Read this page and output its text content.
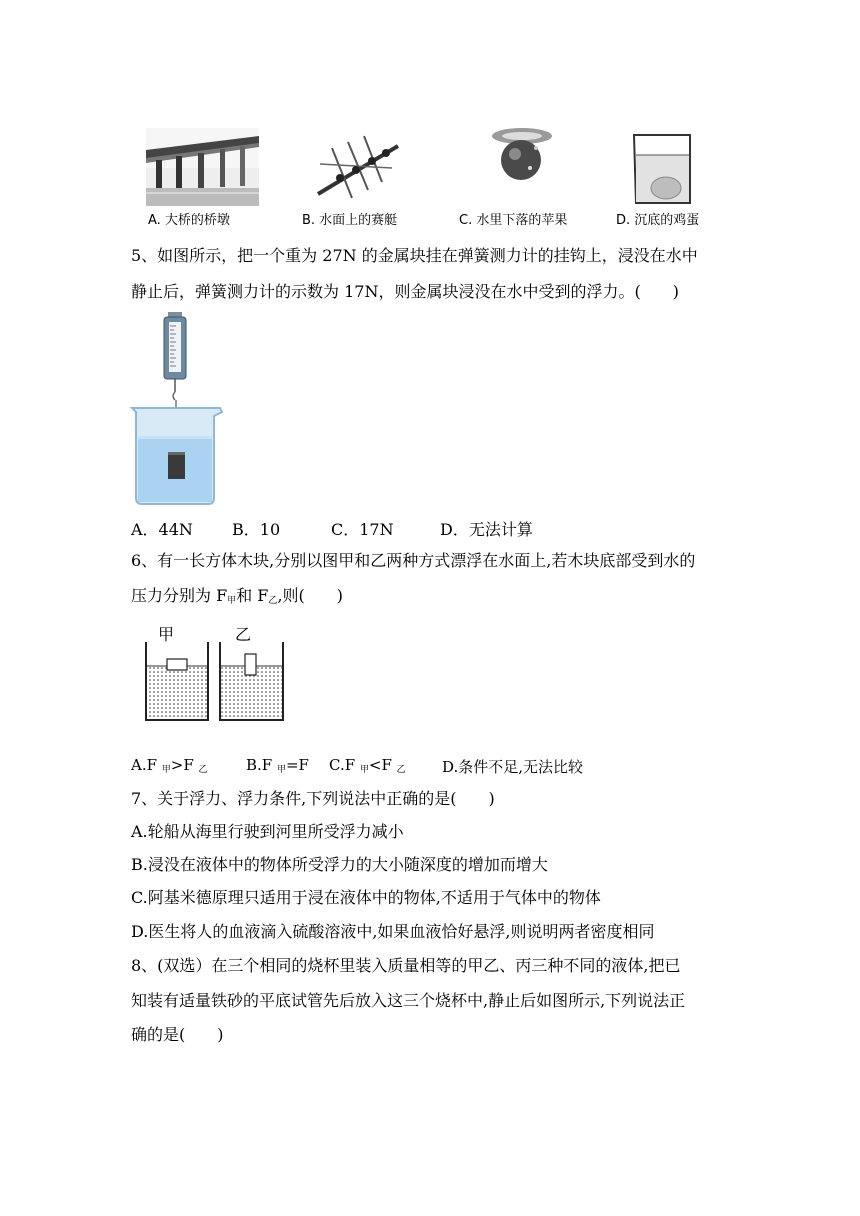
A. 大桥的桥墩	B. 水面上的赛艇	C. 水里下落的苹果	D. 沉底的鸡蛋
5、如图所示，把一个重为 27N 的金属块挂在弹簧测力计的挂钩上，浸没在水中
静止后，弹簧测力计的示数为 17N，则金属块浸没在水中受到的浮力。(　　)
A．44N B．10	C．17N	D．无法计算
6、有一长方体木块,分别以图甲和乙两种方式漂浮在水面上,若木块底部受到水的
压力分别为 $F_甲$和 $F_乙$,则(　　)
甲	乙
A.F $_甲$>F $_乙$	B.F $_甲$=F C.F $_甲$<F $_乙$ D.条件不足,无法比较
7、关于浮力、浮力条件,下列说法中正确的是(　　)
A.轮船从海里行驶到河里所受浮力减小
B.浸没在液体中的物体所受浮力的大小随深度的增加而增大
C.阿基米德原理只适用于浸在液体中的物体,不适用于气体中的物体
D.医生将人的血液滴入硫酸溶液中,如果血液恰好悬浮,则说明两者密度相同
8、(双选）在三个相同的烧杯里装入质量相等的甲乙、丙三种不同的液体,把已
知装有适量铁砂的平底试管先后放入这三个烧杯中,静止后如图所示,下列说法正
确的是(　　)
